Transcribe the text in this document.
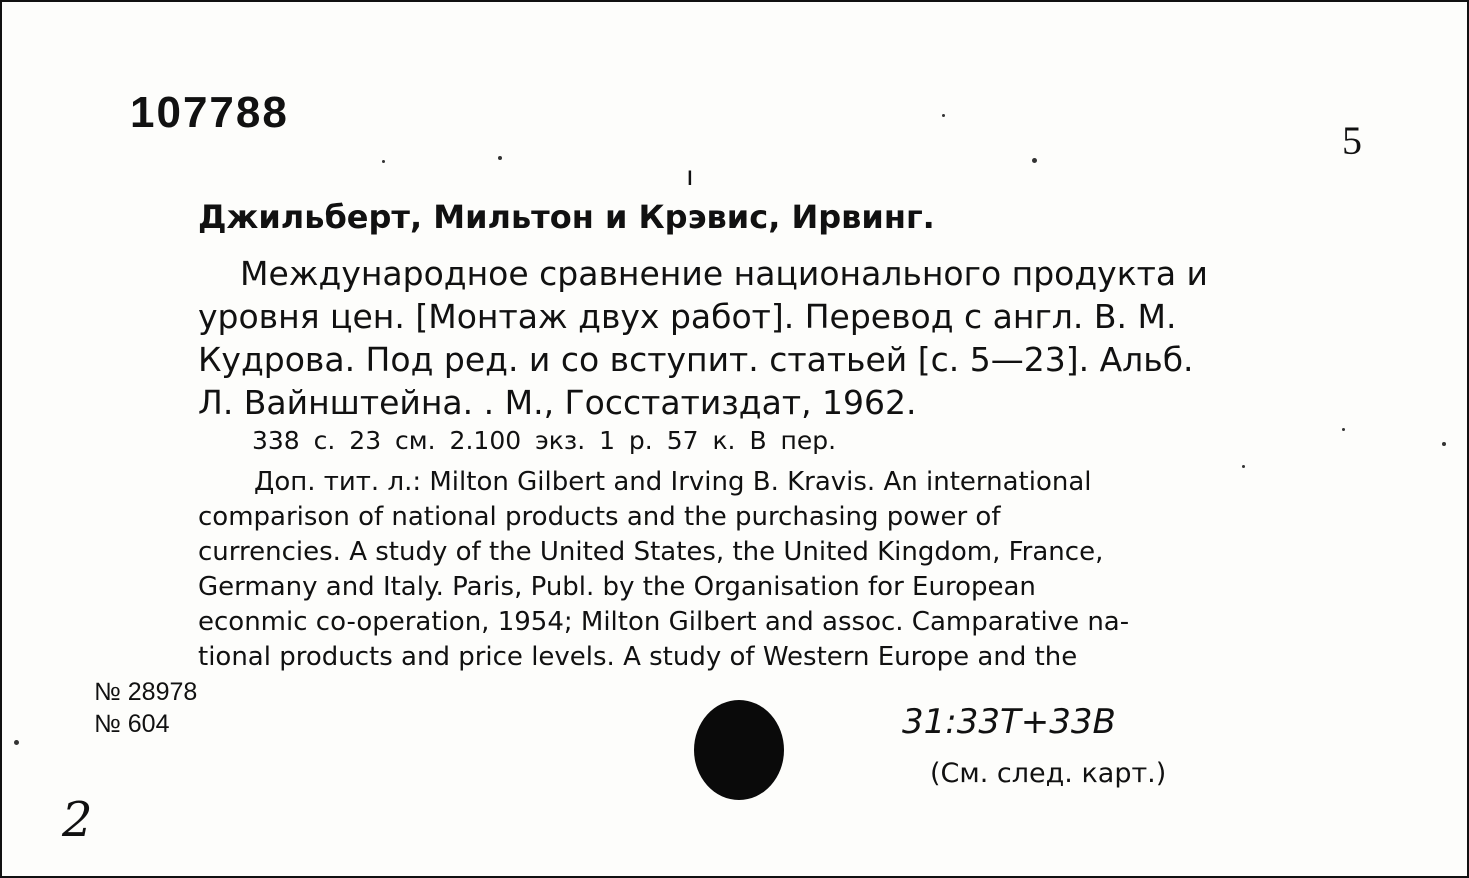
107788
5
ı
Джильберт, Мильтон и Крэвис, Ирвинг.

Международное сравнение национального продукта и

уровня цен. [Монтаж двух работ]. Перевод с англ. В. М.

Кудрова. Под ред. и со вступит. статьей [с. 5—23]. Альб.

Л. Вайнштейна. . М., Госстатиздат, 1962.

338 с. 23 см. 2.100 экз. 1 р. 57 к. В пер.
Доп. тит. л.: Milton Gilbert and Irving B. Kravis. An international
comparison of national products and the purchasing power of
currencies. A study of the United States, the United Kingdom, France,
Germany and Italy. Paris, Publ. by the Organisation for European
econmic co-operation, 1954; Milton Gilbert and assoc. Camparative na-
tional products and price levels. A study of Western Europe and the
№ 28978
№ 604	31:33Т+33В
(См. след. карт.)
2
